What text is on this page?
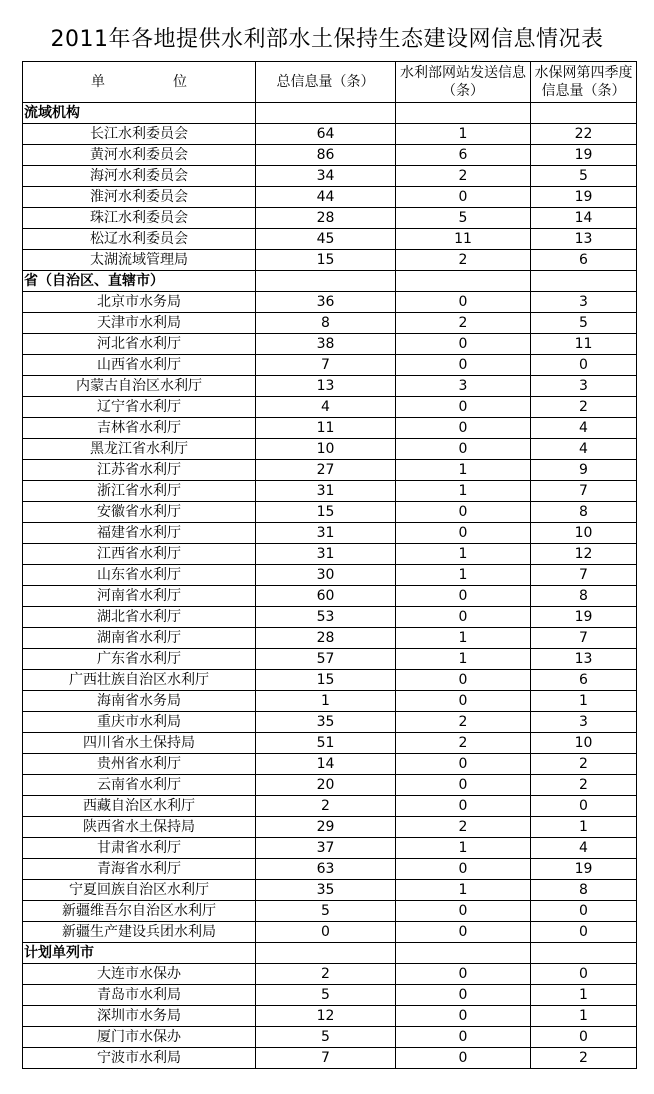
2011年各地提供水利部水土保持生态建设网信息情况表
单 位	总信息量（条）	水利部网站发送信息（条）	水保网第四季度信息量（条）
流域机构			
长江水利委员会	64	1	22
黄河水利委员会	86	6	19
海河水利委员会	34	2	5
淮河水利委员会	44	0	19
珠江水利委员会	28	5	14
松辽水利委员会	45	11	13
太湖流域管理局	15	2	6
省（自治区、直辖市）			
北京市水务局	36	0	3
天津市水利局	8	2	5
河北省水利厅	38	0	11
山西省水利厅	7	0	0
内蒙古自治区水利厅	13	3	3
辽宁省水利厅	4	0	2
吉林省水利厅	11	0	4
黑龙江省水利厅	10	0	4
江苏省水利厅	27	1	9
浙江省水利厅	31	1	7
安徽省水利厅	15	0	8
福建省水利厅	31	0	10
江西省水利厅	31	1	12
山东省水利厅	30	1	7
河南省水利厅	60	0	8
湖北省水利厅	53	0	19
湖南省水利厅	28	1	7
广东省水利厅	57	1	13
广西壮族自治区水利厅	15	0	6
海南省水务局	1	0	1
重庆市水利局	35	2	3
四川省水土保持局	51	2	10
贵州省水利厅	14	0	2
云南省水利厅	20	0	2
西藏自治区水利厅	2	0	0
陕西省水土保持局	29	2	1
甘肃省水利厅	37	1	4
青海省水利厅	63	0	19
宁夏回族自治区水利厅	35	1	8
新疆维吾尔自治区水利厅	5	0	0
新疆生产建设兵团水利局	0	0	0
计划单列市			
大连市水保办	2	0	0
青岛市水利局	5	0	1
深圳市水务局	12	0	1
厦门市水保办	5	0	0
宁波市水利局	7	0	2
